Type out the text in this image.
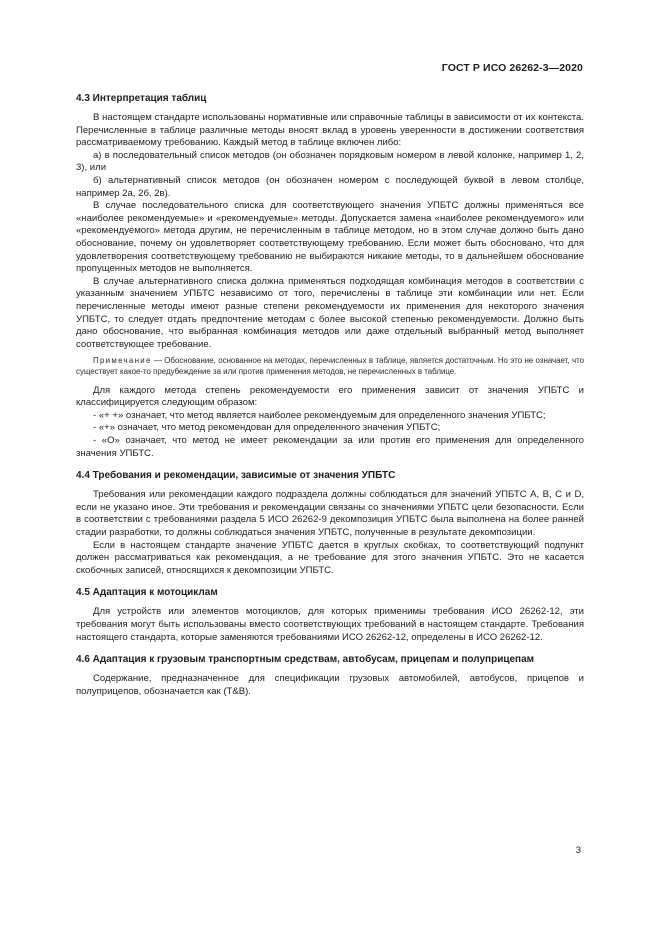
ГОСТ Р ИСО 26262-3—2020
4.3 Интерпретация таблиц

В настоящем стандарте использованы нормативные или справочные таблицы в зависимости от их контекста. Перечисленные в таблице различные методы вносят вклад в уровень уверенности в достижении соответствия рассматриваемому требованию. Каждый метод в таблице включен либо:

а) в последовательный список методов (он обозначен порядковым номером в левой колонке, например 1, 2, 3), или

б) альтернативный список методов (он обозначен номером с последующей буквой в левом столбце, например 2а, 2б, 2в).

В случае последовательного списка для соответствующего значения УПБТС должны применяться все «наиболее рекомендуемые» и «рекомендуемые» методы. Допускается замена «наиболее рекомендуемого» или «рекомендуемого» метода другим, не перечисленным в таблице методом, но в этом случае должно быть дано обоснование, почему он удовлетворяет соответствующему требованию. Если может быть обосновано, что для удовлетворения соответствующему требованию не выбираются никакие методы, то в дальнейшем обоснование пропущенных методов не выполняется.

В случае альтернативного списка должна применяться подходящая комбинация методов в соответствии с указанным значением УПБТС независимо от того, перечислены в таблице эти комбинации или нет. Если перечисленные методы имеют разные степени рекомендуемости их применения для некоторого значения УПБТС, то следует отдать предпочтение методам с более высокой степенью рекомендуемости. Должно быть дано обоснование, что выбранная комбинация методов или даже отдельный выбранный метод выполняет соответствующее требование.

Примечание — Обоснование, основанное на методах, перечисленных в таблице, является достаточным. Но это не означает, что существует какое-то предубеждение за или против применения методов, не перечисленных в таблице.

Для каждого метода степень рекомендуемости его применения зависит от значения УПБТС и классифицируется следующим образом:

- «+ +» означает, что метод является наиболее рекомендуемым для определенного значения УПБТС;

- «+» означает, что метод рекомендован для определенного значения УПБТС;

- «О» означает, что метод не имеет рекомендации за или против его применения для определенного значения УПБТС.

4.4 Требования и рекомендации, зависимые от значения УПБТС

Требования или рекомендации каждого подраздела должны соблюдаться для значений УПБТС A, B, C и D, если не указано иное. Эти требования и рекомендации связаны со значениями УПБТС цели безопасности. Если в соответствии с требованиями раздела 5 ИСО 26262-9 декомпозиция УПБТС была выполнена на более ранней стадии разработки, то должны соблюдаться значения УПБТС, полученные в результате декомпозиции.

Если в настоящем стандарте значение УПБТС дается в круглых скобках, то соответствующий подпункт должен рассматриваться как рекомендация, а не требование для этого значения УПБТС. Это не касается скобочных записей, относящихся к декомпозиции УПБТС.

4.5 Адаптация к мотоциклам

Для устройств или элементов мотоциклов, для которых применимы требования ИСО 26262-12, эти требования могут быть использованы вместо соответствующих требований в настоящем стандарте. Требования настоящего стандарта, которые заменяются требованиями ИСО 26262-12, определены в ИСО 26262-12.

4.6 Адаптация к грузовым транспортным средствам, автобусам, прицепам и полуприцепам

Содержание, предназначенное для спецификации грузовых автомобилей, автобусов, прицепов и полуприцепов, обозначается как (T&B).

3
